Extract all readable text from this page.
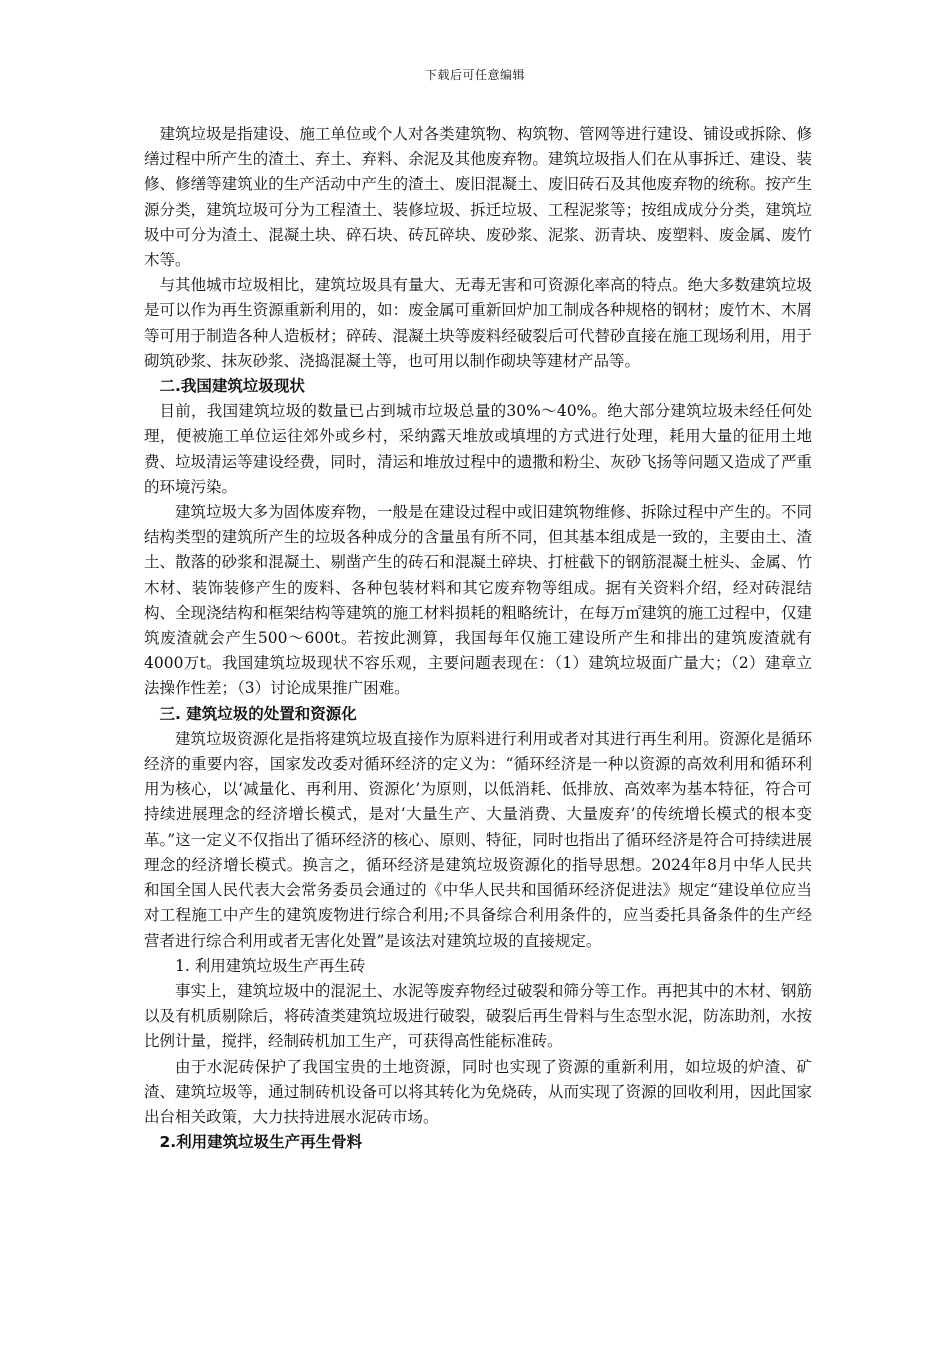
下载后可任意编辑

建筑垃圾是指建设、施工单位或个人对各类建筑物、构筑物、管网等进行建设、铺设或拆除、修缮过程中所产生的渣土、弃土、弃料、余泥及其他废弃物。建筑垃圾指人们在从事拆迁、建设、装修、修缮等建筑业的生产活动中产生的渣土、废旧混凝土、废旧砖石及其他废弃物的统称。按产生源分类，建筑垃圾可分为工程渣土、装修垃圾、拆迁垃圾、工程泥浆等；按组成成分分类，建筑垃圾中可分为渣土、混凝土块、碎石块、砖瓦碎块、废砂浆、泥浆、沥青块、废塑料、废金属、废竹木等。

与其他城市垃圾相比，建筑垃圾具有量大、无毒无害和可资源化率高的特点。绝大多数建筑垃圾是可以作为再生资源重新利用的，如：废金属可重新回炉加工制成各种规格的钢材；废竹木、木屑等可用于制造各种人造板材；碎砖、混凝土块等废料经破裂后可代替砂直接在施工现场利用，用于砌筑砂浆、抹灰砂浆、浇捣混凝土等，也可用以制作砌块等建材产品等。

二.我国建筑垃圾现状

目前，我国建筑垃圾的数量已占到城市垃圾总量的30%～40%。绝大部分建筑垃圾未经任何处理，便被施工单位运往郊外或乡村，采纳露天堆放或填埋的方式进行处理，耗用大量的征用土地费、垃圾清运等建设经费，同时，清运和堆放过程中的遗撒和粉尘、灰砂飞扬等问题又造成了严重的环境污染。

建筑垃圾大多为固体废弃物，一般是在建设过程中或旧建筑物维修、拆除过程中产生的。不同结构类型的建筑所产生的垃圾各种成分的含量虽有所不同，但其基本组成是一致的，主要由土、渣土、散落的砂浆和混凝土、剔凿产生的砖石和混凝土碎块、打桩截下的钢筋混凝土桩头、金属、竹木材、装饰装修产生的废料、各种包装材料和其它废弃物等组成。据有关资料介绍，经对砖混结构、全现浇结构和框架结构等建筑的施工材料损耗的粗略统计，在每万㎡建筑的施工过程中，仅建筑废渣就会产生500～600t。若按此测算，我国每年仅施工建设所产生和排出的建筑废渣就有4000万t。我国建筑垃圾现状不容乐观，主要问题表现在：（1）建筑垃圾面广量大；（2）建章立法操作性差；（3）讨论成果推广困难。

三. 建筑垃圾的处置和资源化

建筑垃圾资源化是指将建筑垃圾直接作为原料进行利用或者对其进行再生利用。资源化是循环经济的重要内容，国家发改委对循环经济的定义为：“循环经济是一种以资源的高效利用和循环利用为核心，以‘减量化、再利用、资源化’为原则，以低消耗、低排放、高效率为基本特征，符合可持续进展理念的经济增长模式，是对‘大量生产、大量消费、大量废弃’的传统增长模式的根本变革。”这一定义不仅指出了循环经济的核心、原则、特征，同时也指出了循环经济是符合可持续进展理念的经济增长模式。换言之，循环经济是建筑垃圾资源化的指导思想。2024年8月中华人民共和国全国人民代表大会常务委员会通过的《中华人民共和国循环经济促进法》规定“建设单位应当对工程施工中产生的建筑废物进行综合利用;不具备综合利用条件的，应当委托具备条件的生产经营者进行综合利用或者无害化处置”是该法对建筑垃圾的直接规定。

1. 利用建筑垃圾生产再生砖

事实上，建筑垃圾中的混泥土、水泥等废弃物经过破裂和筛分等工作。再把其中的木材、钢筋以及有机质剔除后，将砖渣类建筑垃圾进行破裂，破裂后再生骨料与生态型水泥，防冻助剂，水按比例计量，搅拌，经制砖机加工生产，可获得高性能标准砖。

由于水泥砖保护了我国宝贵的土地资源，同时也实现了资源的重新利用，如垃圾的炉渣、矿渣、建筑垃圾等，通过制砖机设备可以将其转化为免烧砖，从而实现了资源的回收利用，因此国家出台相关政策，大力扶持进展水泥砖市场。

2.利用建筑垃圾生产再生骨料
